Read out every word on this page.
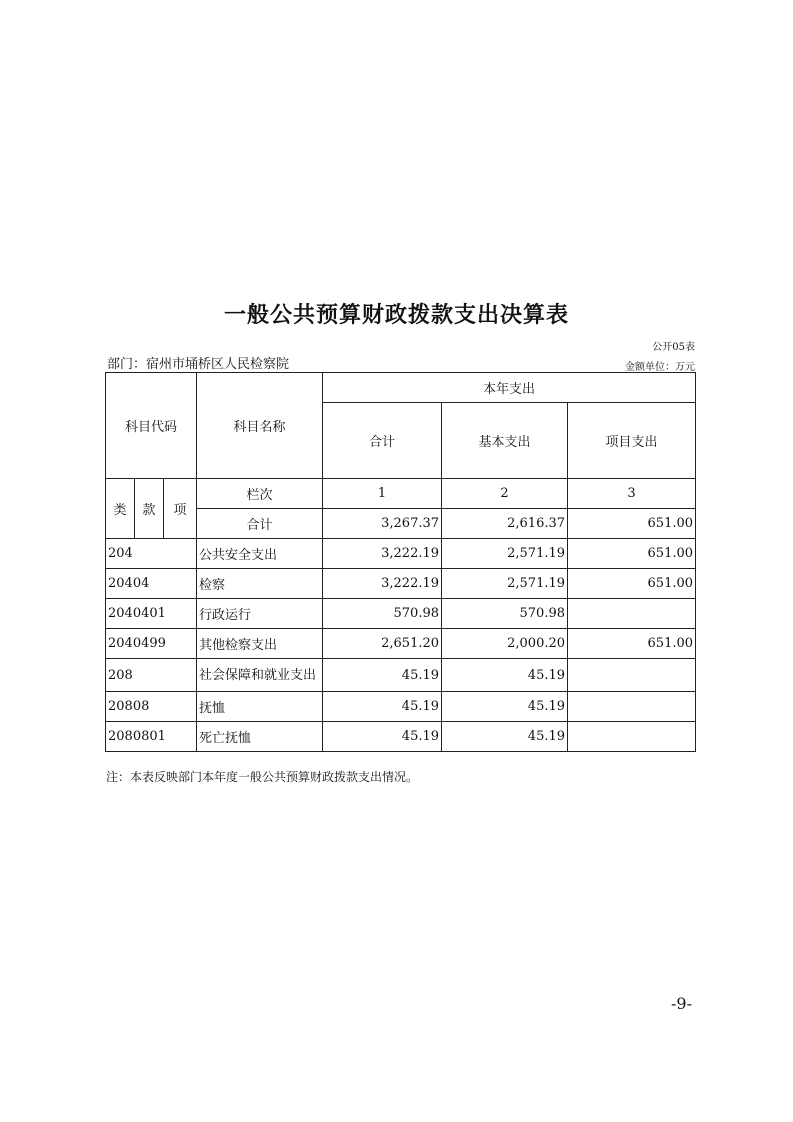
一般公共预算财政拨款支出决算表
公开05表
部门：宿州市埇桥区人民检察院	金额单位：万元
科目代码			科目名称	本年支出		
				合计	基本支出	项目支出
类	款	项	栏次	1	2	3
			合计	3,267.37	2,616.37	651.00
204			公共安全支出	3,222.19	2,571.19	651.00
20404			检察	3,222.19	2,571.19	651.00
2040401			行政运行	570.98	570.98	
2040499			其他检察支出	2,651.20	2,000.20	651.00
208			社会保障和就业支出	45.19	45.19	
20808			抚恤	45.19	45.19	
2080801			死亡抚恤	45.19	45.19	
注：本表反映部门本年度一般公共预算财政拨款支出情况。
-9-
